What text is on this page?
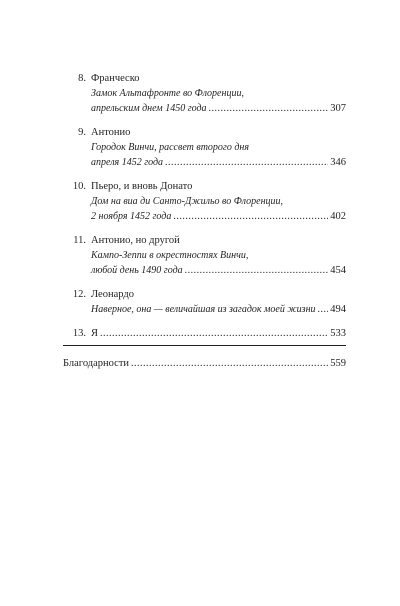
8. Франческо
Замок Альтафронте во Флоренции,
апрельским днем 1450 года .....	307
9. Антонио
Городок Винчи, рассвет второго дня
апреля 1452 года .....	346
10. Пьеро, и вновь Донато
Дом на виа ди Санто-Джильо во Флоренции,
2 ноября 1452 года .....	402
11. Антонио, но другой
Кампо-Зеппи в окрестностях Винчи,
любой день 1490 года .....	454
12. Леонардо
Наверное, она — величайшая из загадок моей жизни ..... 494
13. Я .....	533
Благодарности .....	559
